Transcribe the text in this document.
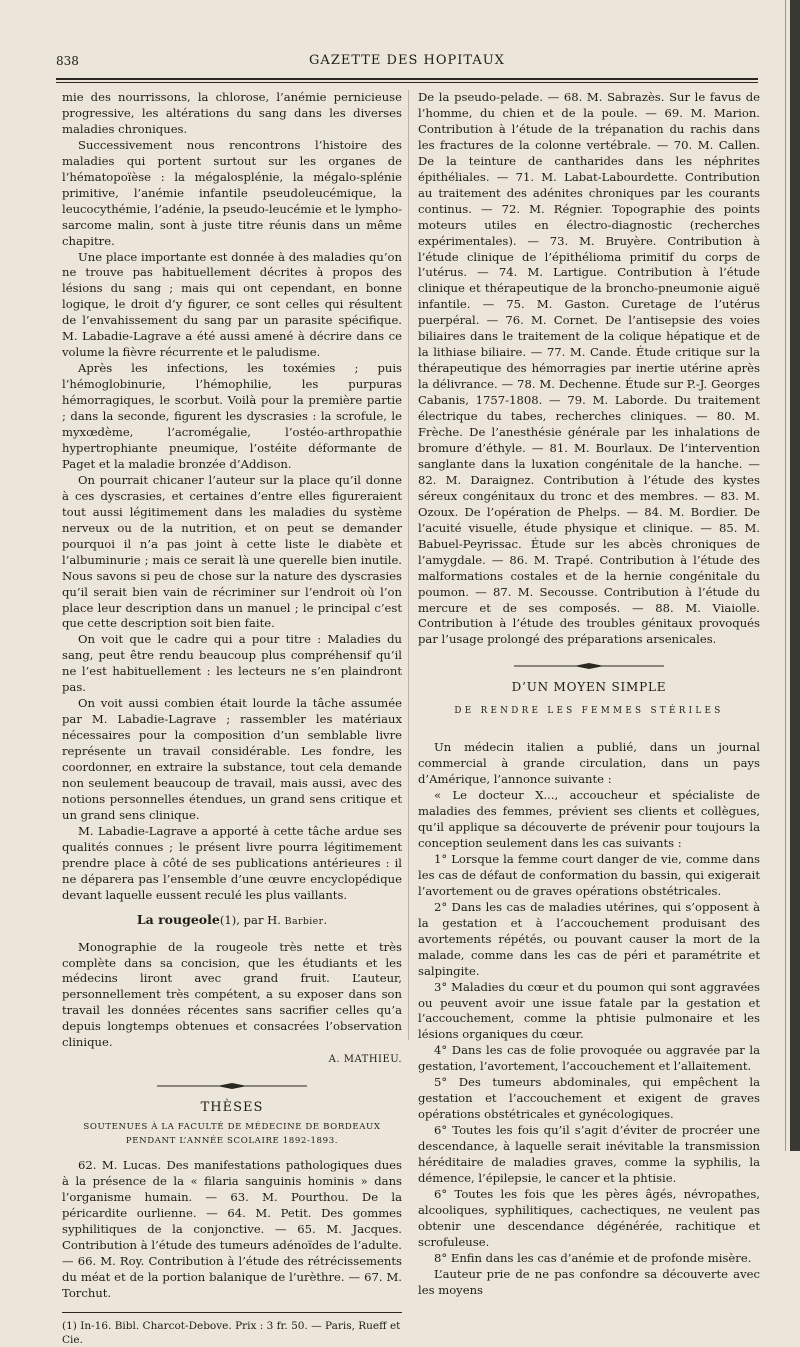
838	GAZETTE DES HOPITAUX

mie des nourrissons, la chlorose, l’anémie pernicieuse progressive, les altérations du sang dans les diverses maladies chroniques.

Successivement nous rencontrons l’histoire des maladies qui portent surtout sur les organes de l’hématopoïèse : la mégalosplénie, la mégalo-splénie primitive, l’anémie infantile pseudoleucémique, la leucocythémie, l’adénie, la pseudo-leucémie et le lympho-sarcome malin, sont à juste titre réunis dans un même chapitre.

Une place importante est donnée à des maladies qu’on ne trouve pas habituellement décrites à propos des lésions du sang ; mais qui ont cependant, en bonne logique, le droit d’y figurer, ce sont celles qui résultent de l’envahissement du sang par un parasite spécifique. M. Labadie-Lagrave a été aussi amené à décrire dans ce volume la fièvre récurrente et le paludisme.

Après les infections, les toxémies ; puis l’hémoglobinurie, l’hémophilie, les purpuras hémorragiques, le scorbut. Voilà pour la première partie ; dans la seconde, figurent les dyscrasies : la scrofule, le myxœdème, l’acromégalie, l’ostéo-arthropathie hypertrophiante pneumique, l’ostéite déformante de Paget et la maladie bronzée d’Addison.

On pourrait chicaner l’auteur sur la place qu’il donne à ces dyscrasies, et certaines d’entre elles figureraient tout aussi légitimement dans les maladies du système nerveux ou de la nutrition, et on peut se demander pourquoi il n’a pas joint à cette liste le diabète et l’albuminurie ; mais ce serait là une querelle bien inutile. Nous savons si peu de chose sur la nature des dyscrasies qu’il serait bien vain de récriminer sur l’endroit où l’on place leur description dans un manuel ; le principal c’est que cette description soit bien faite.

On voit que le cadre qui a pour titre : Maladies du sang, peut être rendu beaucoup plus compréhensif qu’il ne l’est habituellement : les lecteurs ne s’en plaindront pas.

On voit aussi combien était lourde la tâche assumée par M. Labadie-Lagrave ; rassembler les matériaux nécessaires pour la composition d’un semblable livre représente un travail considérable. Les fondre, les coordonner, en extraire la substance, tout cela demande non seulement beaucoup de travail, mais aussi, avec des notions personnelles étendues, un grand sens critique et un grand sens clinique.

M. Labadie-Lagrave a apporté à cette tâche ardue ses qualités connues ; le présent livre pourra légitimement prendre place à côté de ses publications antérieures : il ne déparera pas l’ensemble d’une œuvre encyclopédique devant laquelle eussent reculé les plus vaillants.

La rougeole(1), par H. Barbier.

Monographie de la rougeole très nette et très complète dans sa concision, que les étudiants et les médecins liront avec grand fruit. L’auteur, personnellement très compétent, a su exposer dans son travail les données récentes sans sacrifier celles qu’a depuis longtemps obtenues et consacrées l’observation clinique.

A. MATHIEU.
THÈSES
SOUTENUES À LA FACULTÉ DE MÉDECINE DE BORDEAUX
PENDANT L’ANNÉE SCOLAIRE 1892-1893.

62. M. Lucas. Des manifestations pathologiques dues à la présence de la « filaria sanguinis hominis » dans l’organisme humain. — 63. M. Pourthou. De la péricardite ourlienne. — 64. M. Petit. Des gommes syphilitiques de la conjonctive. — 65. M. Jacques. Contribution à l’étude des tumeurs adénoïdes de l’adulte. — 66. M. Roy. Contribution à l’étude des rétrécissements du méat et de la portion balanique de l’urèthre. — 67. M. Torchut.

(1) In-16. Bibl. Charcot-Debove. Prix : 3 fr. 50. — Paris, Rueff et Cie.

De la pseudo-pelade. — 68. M. Sabrazès. Sur le favus de l’homme, du chien et de la poule. — 69. M. Marion. Contribution à l’étude de la trépanation du rachis dans les fractures de la colonne vertébrale. — 70. M. Callen. De la teinture de cantharides dans les néphrites épithéliales. — 71. M. Labat-Labourdette. Contribution au traitement des adénites chroniques par les courants continus. — 72. M. Régnier. Topographie des points moteurs utiles en électro-diagnostic (recherches expérimentales). — 73. M. Bruyère. Contribution à l’étude clinique de l’épithélioma primitif du corps de l’utérus. — 74. M. Lartigue. Contribution à l’étude clinique et thérapeutique de la broncho-pneumonie aiguë infantile. — 75. M. Gaston. Curetage de l’utérus puerpéral. — 76. M. Cornet. De l’antisepsie des voies biliaires dans le traitement de la colique hépatique et de la lithiase biliaire. — 77. M. Cande. Étude critique sur la thérapeutique des hémorragies par inertie utérine après la délivrance. — 78. M. Dechenne. Étude sur P.-J. Georges Cabanis, 1757-1808. — 79. M. Laborde. Du traitement électrique du tabes, recherches cliniques. — 80. M. Frèche. De l’anesthésie générale par les inhalations de bromure d’éthyle. — 81. M. Bourlaux. De l’intervention sanglante dans la luxation congénitale de la hanche. — 82. M. Daraignez. Contribution à l’étude des kystes séreux congénitaux du tronc et des membres. — 83. M. Ozoux. De l’opération de Phelps. — 84. M. Bordier. De l’acuité visuelle, étude physique et clinique. — 85. M. Babuel-Peyrissac. Étude sur les abcès chroniques de l’amygdale. — 86. M. Trapé. Contribution à l’étude des malformations costales et de la hernie congénitale du poumon. — 87. M. Secousse. Contribution à l’étude du mercure et de ses composés. — 88. M. Viaiolle. Contribution à l’étude des troubles génitaux provoqués par l’usage prolongé des préparations arsenicales.

D’UN MOYEN SIMPLE
DE RENDRE LES FEMMES STÉRILES

Un médecin italien a publié, dans un journal commercial à grande circulation, dans un pays d’Amérique, l’annonce suivante :

« Le docteur X..., accoucheur et spécialiste de maladies des femmes, prévient ses clients et collègues, qu’il applique sa découverte de prévenir pour toujours la conception seulement dans les cas suivants :

1° Lorsque la femme court danger de vie, comme dans les cas de défaut de conformation du bassin, qui exigerait l’avortement ou de graves opérations obstétricales.

2° Dans les cas de maladies utérines, qui s’opposent à la gestation et à l’accouchement produisant des avortements répétés, ou pouvant causer la mort de la malade, comme dans les cas de péri et paramétrite et salpingite.

3° Maladies du cœur et du poumon qui sont aggravées ou peuvent avoir une issue fatale par la gestation et l’accouchement, comme la phtisie pulmonaire et les lésions organiques du cœur.

4° Dans les cas de folie provoquée ou aggravée par la gestation, l’avortement, l’accouchement et l’allaitement.

5° Des tumeurs abdominales, qui empêchent la gestation et l’accouchement et exigent de graves opérations obstétricales et gynécologiques.

6° Toutes les fois qu’il s’agit d’éviter de procréer une descendance, à laquelle serait inévitable la transmission héréditaire de maladies graves, comme la syphilis, la démence, l’épilepsie, le cancer et la phtisie.

6° Toutes les fois que les pères âgés, névropathes, alcooliques, syphilitiques, cachectiques, ne veulent pas obtenir une descendance dégénérée, rachitique et scrofuleuse.

8° Enfin dans les cas d’anémie et de profonde misère.

L’auteur prie de ne pas confondre sa découverte avec les moyens
